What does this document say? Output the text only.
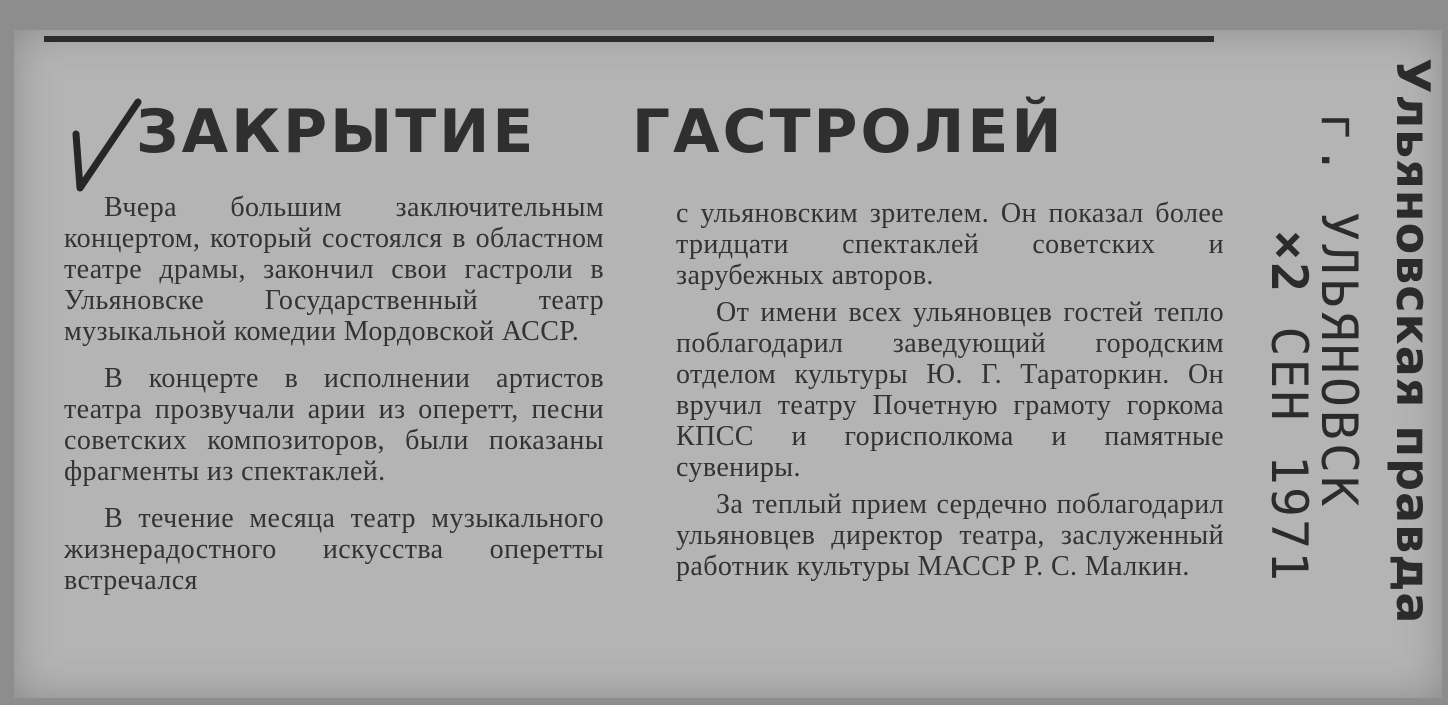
ЗАКРЫТИЕ    ГАСТРОЛЕЙ

Вчера большим заключительным концертом, который состоялся в областном театре драмы, закончил свои гастроли в Ульяновске Государственный театр музыкальной комедии Мордовской АССР.

В концерте в исполнении артистов театра прозвучали арии из оперетт, песни советских композиторов, были показаны фрагменты из спектаклей.

В течение месяца театр музыкального жизнерадостного искусства оперетты встречался

с ульяновским зрителем. Он показал более тридцати спектаклей советских и зарубежных авторов.

От имени всех ульяновцев гостей тепло поблагодарил заведующий городским отделом культуры Ю. Г. Тараторкин. Он вручил театру Почетную грамоту горкома КПСС и горисполкома и памятные сувениры.

За теплый прием сердечно поблагодарил ульяновцев директор театра, заслуженный работник культуры МАССР Р. С. Малкин.	Ульяновская правда
г. УЛЬЯНОВСК
×2 СЕН 1971
